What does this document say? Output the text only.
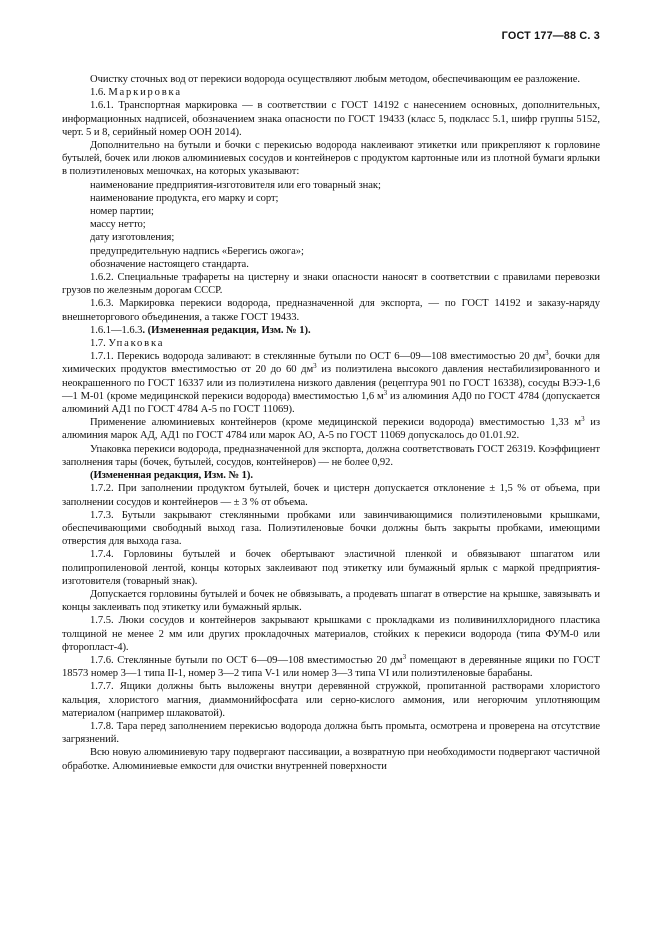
ГОСТ 177—88 С. 3

Очистку сточных вод от перекиси водорода осуществляют любым методом, обеспечивающим ее разложение.

1.6. Маркировка

1.6.1. Транспортная маркировка — в соответствии с ГОСТ 14192 с нанесением основных, дополнительных, информационных надписей, обозначением знака опасности по ГОСТ 19433 (класс 5, подкласс 5.1, шифр группы 5152, черт. 5 и 8, серийный номер ООН 2014).

Дополнительно на бутыли и бочки с перекисью водорода наклеивают этикетки или прикрепляют к горловине бутылей, бочек или люков алюминиевых сосудов и контейнеров с продуктом картонные или из плотной бумаги ярлыки в полиэтиленовых мешочках, на которых указывают:

наименование предприятия-изготовителя или его товарный знак;

наименование продукта, его марку и сорт;

номер партии;

массу нетто;

дату изготовления;

предупредительную надпись «Берегись ожога»;

обозначение настоящего стандарта.

1.6.2. Специальные трафареты на цистерну и знаки опасности наносят в соответствии с правилами перевозки грузов по железным дорогам СССР.

1.6.3. Маркировка перекиси водорода, предназначенной для экспорта, — по ГОСТ 14192 и заказу-наряду внешнеторгового объединения, а также ГОСТ 19433.

1.6.1—1.6.3. (Измененная редакция, Изм. № 1).

1.7. Упаковка

1.7.1. Перекись водорода заливают: в стеклянные бутыли по ОСТ 6—09—108 вместимостью 20 $дм^3$, бочки для химических продуктов вместимостью от 20 до 60 $дм^3$ из полиэтилена высокого давления нестабилизированного и неокрашенного по ГОСТ 16337 или из полиэтилена низкого давления (рецептура 901 по ГОСТ 16338), сосуды ВЭЭ-1,6—1 М-01 (кроме медицинской перекиси водорода) вместимостью 1,6 $м^3$ из алюминия АД0 по ГОСТ 4784 (допускается алюминий АД1 по ГОСТ 4784 А-5 по ГОСТ 11069).

Применение алюминиевых контейнеров (кроме медицинской перекиси водорода) вместимостью 1,33 $м^3$ из алюминия марок АД, АД1 по ГОСТ 4784 или марок АО, А-5 по ГОСТ 11069 допускалось до 01.01.92.

Упаковка перекиси водорода, предназначенной для экспорта, должна соответствовать ГОСТ 26319. Коэффициент заполнения тары (бочек, бутылей, сосудов, контейнеров) — не более 0,92.

(Измененная редакция, Изм. № 1).

1.7.2. При заполнении продуктом бутылей, бочек и цистерн допускается отклонение ± 1,5 % от объема, при заполнении сосудов и контейнеров — ± 3 % от объема.

1.7.3. Бутыли закрывают стеклянными пробками или завинчивающимися полиэтиленовыми крышками, обеспечивающими свободный выход газа. Полиэтиленовые бочки должны быть закрыты пробками, имеющими отверстия для выхода газа.

1.7.4. Горловины бутылей и бочек обертывают эластичной пленкой и обвязывают шпагатом или полипропиленовой лентой, концы которых заклеивают под этикетку или бумажный ярлык с маркой предприятия-изготовителя (товарный знак).

Допускается горловины бутылей и бочек не обвязывать, а продевать шпагат в отверстие на крышке, завязывать и концы заклеивать под этикетку или бумажный ярлык.

1.7.5. Люки сосудов и контейнеров закрывают крышками с прокладками из поливинилхлоридного пластика толщиной не менее 2 мм или других прокладочных материалов, стойких к перекиси водорода (типа ФУМ-0 или фторопласт-4).

1.7.6. Стеклянные бутыли по ОСТ 6—09—108 вместимостью 20 $дм^3$ помещают в деревянные ящики по ГОСТ 18573 номер 3—1 типа II-1, номер 3—2 типа V-1 или номер 3—3 типа VI или полиэтиленовые барабаны.

1.7.7. Ящики должны быть выложены внутри деревянной стружкой, пропитанной растворами хлористого кальция, хлористого магния, диаммонийфосфата или серно-кислого аммония, или негорючим уплотняющим материалом (например шлаковатой).

1.7.8. Тара перед заполнением перекисью водорода должна быть промыта, осмотрена и проверена на отсутствие загрязнений.

Всю новую алюминиевую тару подвергают пассивации, а возвратную при необходимости подвергают частичной обработке. Алюминиевые емкости для очистки внутренней поверхности
